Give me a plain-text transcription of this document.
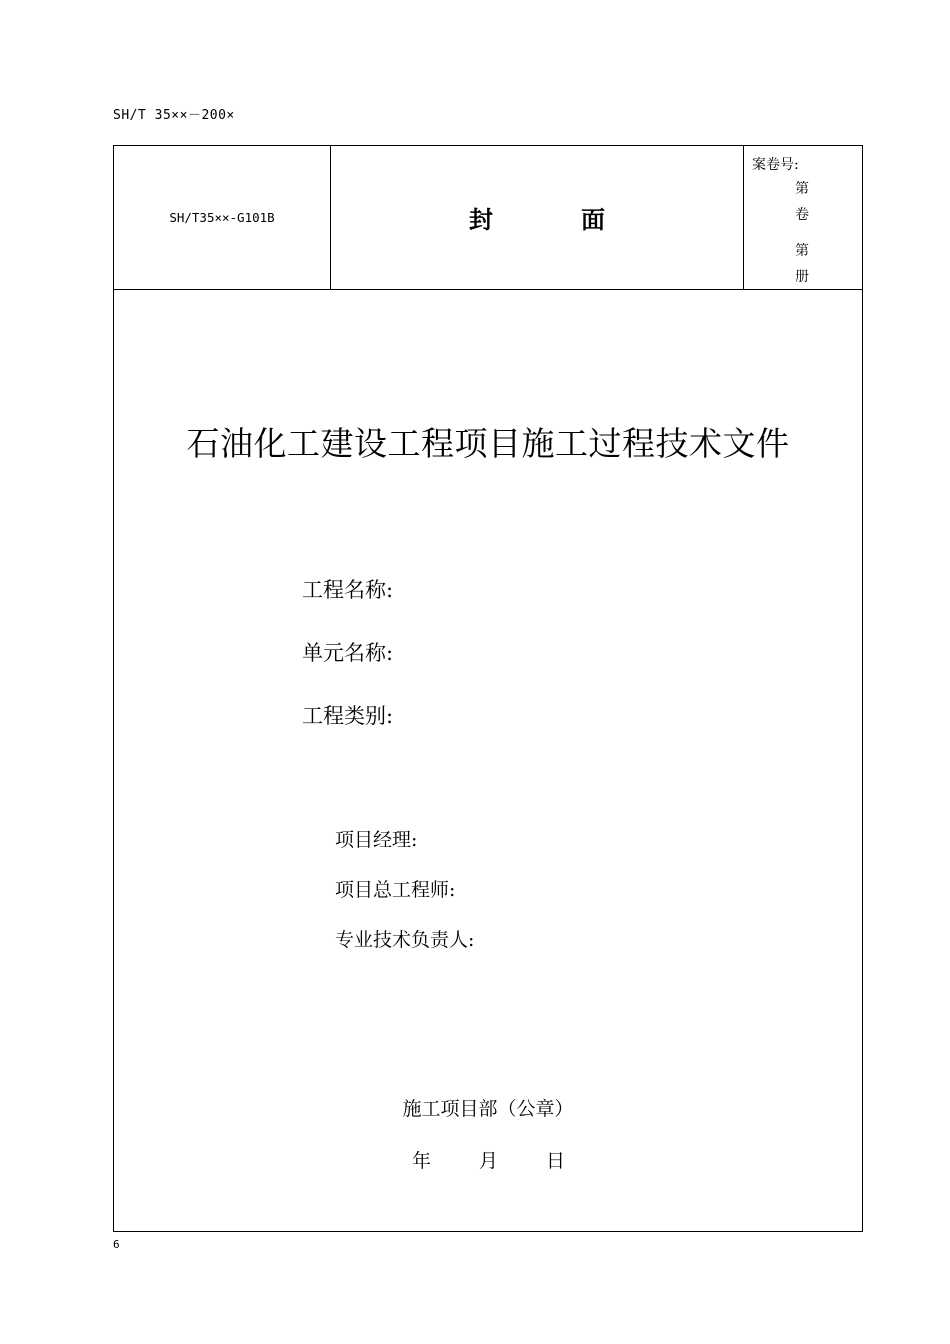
SH/T 35××－200×
SH/T35××-G101B	封	面
案卷号:
第
卷
第
册
石油化工建设工程项目施工过程技术文件
工程名称:
单元名称:
工程类别:
项目经理:
项目总工程师:
专业技术负责人:
施工项目部（公章）
年	月	日
6
